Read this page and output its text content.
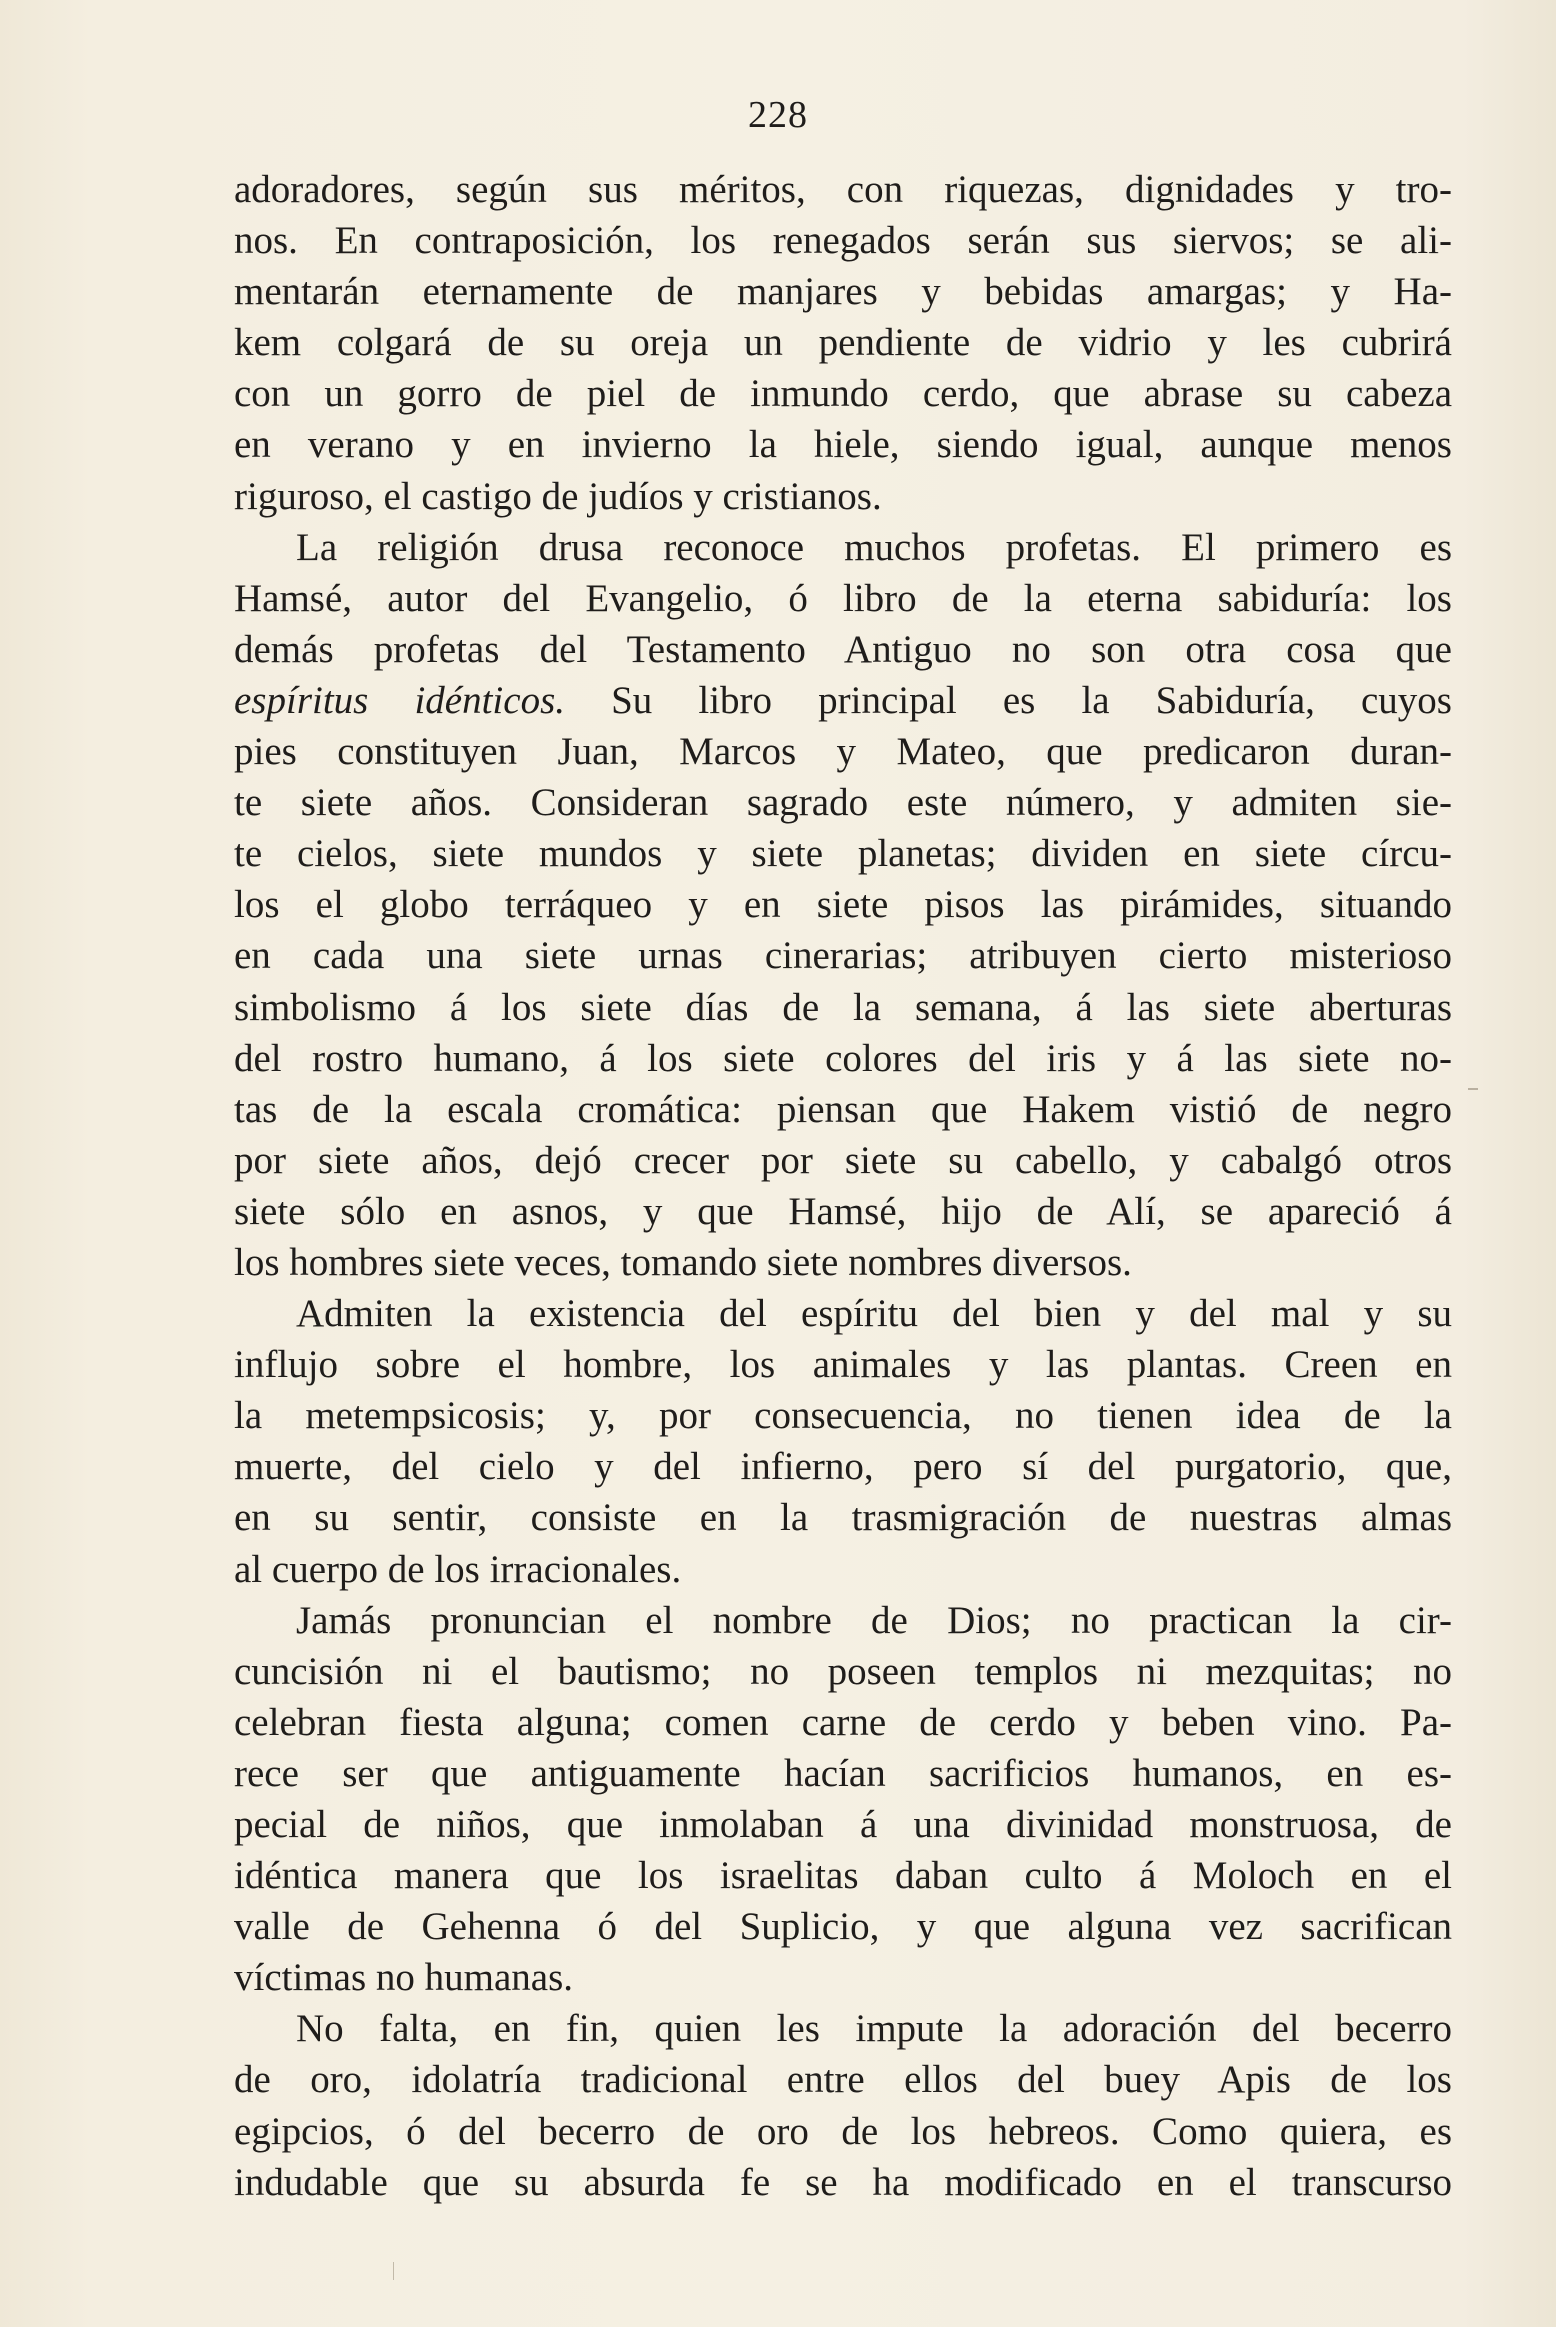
228

adoradores, según sus méritos, con riquezas, dignidades y tro-
nos. En contraposición, los renegados serán sus siervos; se ali-
mentarán eternamente de manjares y bebidas amargas; y Ha-
kem colgará de su oreja un pendiente de vidrio y les cubrirá
con un gorro de piel de inmundo cerdo, que abrase su cabeza
en verano y en invierno la hiele, siendo igual, aunque menos
riguroso, el castigo de judíos y cristianos.

La religión drusa reconoce muchos profetas. El primero es
Hamsé, autor del Evangelio, ó libro de la eterna sabiduría: los
demás profetas del Testamento Antiguo no son otra cosa que
espíritus idénticos. Su libro principal es la Sabiduría, cuyos
pies constituyen Juan, Marcos y Mateo, que predicaron duran-
te siete años. Consideran sagrado este número, y admiten sie-
te cielos, siete mundos y siete planetas; dividen en siete círcu-
los el globo terráqueo y en siete pisos las pirámides, situando
en cada una siete urnas cinerarias; atribuyen cierto misterioso
simbolismo á los siete días de la semana, á las siete aberturas
del rostro humano, á los siete colores del iris y á las siete no-
tas de la escala cromática: piensan que Hakem vistió de negro
por siete años, dejó crecer por siete su cabello, y cabalgó otros
siete sólo en asnos, y que Hamsé, hijo de Alí, se apareció á
los hombres siete veces, tomando siete nombres diversos.

Admiten la existencia del espíritu del bien y del mal y su
influjo sobre el hombre, los animales y las plantas. Creen en
la metempsicosis; y, por consecuencia, no tienen idea de la
muerte, del cielo y del infierno, pero sí del purgatorio, que,
en su sentir, consiste en la trasmigración de nuestras almas
al cuerpo de los irracionales.

Jamás pronuncian el nombre de Dios; no practican la cir-
cuncisión ni el bautismo; no poseen templos ni mezquitas; no
celebran fiesta alguna; comen carne de cerdo y beben vino. Pa-
rece ser que antiguamente hacían sacrificios humanos, en es-
pecial de niños, que inmolaban á una divinidad monstruosa, de
idéntica manera que los israelitas daban culto á Moloch en el
valle de Gehenna ó del Suplicio, y que alguna vez sacrifican
víctimas no humanas.

No falta, en fin, quien les impute la adoración del becerro
de oro, idolatría tradicional entre ellos del buey Apis de los
egipcios, ó del becerro de oro de los hebreos. Como quiera, es
indudable que su absurda fe se ha modificado en el transcurso
